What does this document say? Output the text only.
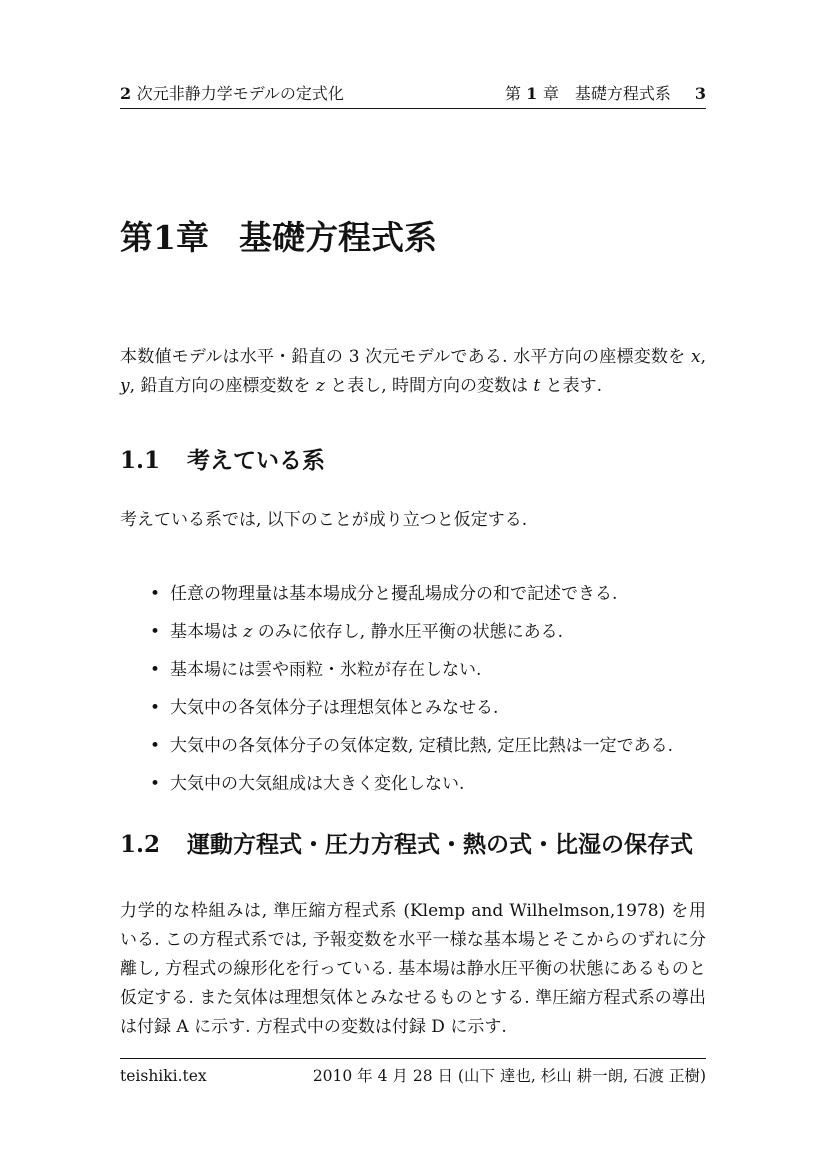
2 次元非静力学モデルの定式化	第 1 章　 基礎方程式系 3
第1章 基礎方程式系

本数値モデルは水平・鉛直の 3 次元モデルである. 水平方向の座標変数を x, y, 鉛直方向の座標変数を z と表し, 時間方向の変数は t と表す.

1.1 考えている系

考えている系では, 以下のことが成り立つと仮定する.

• 任意の物理量は基本場成分と擾乱場成分の和で記述できる.
• 基本場は z のみに依存し, 静水圧平衡の状態にある.
• 基本場には雲や雨粒・氷粒が存在しない.
• 大気中の各気体分子は理想気体とみなせる.
• 大気中の各気体分子の気体定数, 定積比熱, 定圧比熱は一定である.
• 大気中の大気組成は大きく変化しない.
1.2 運動方程式・圧力方程式・熱の式・比湿の保存式

力学的な枠組みは, 準圧縮方程式系 (Klemp and Wilhelmson,1978) を用いる. この方程式系では, 予報変数を水平一様な基本場とそこからのずれに分離し, 方程式の線形化を行っている. 基本場は静水圧平衡の状態にあるものと仮定する. また気体は理想気体とみなせるものとする. 準圧縮方程式系の導出は付録 A に示す. 方程式中の変数は付録 D に示す.

teishiki.tex	2010 年 4 月 28 日 (山下 達也, 杉山 耕一朗, 石渡 正樹)
